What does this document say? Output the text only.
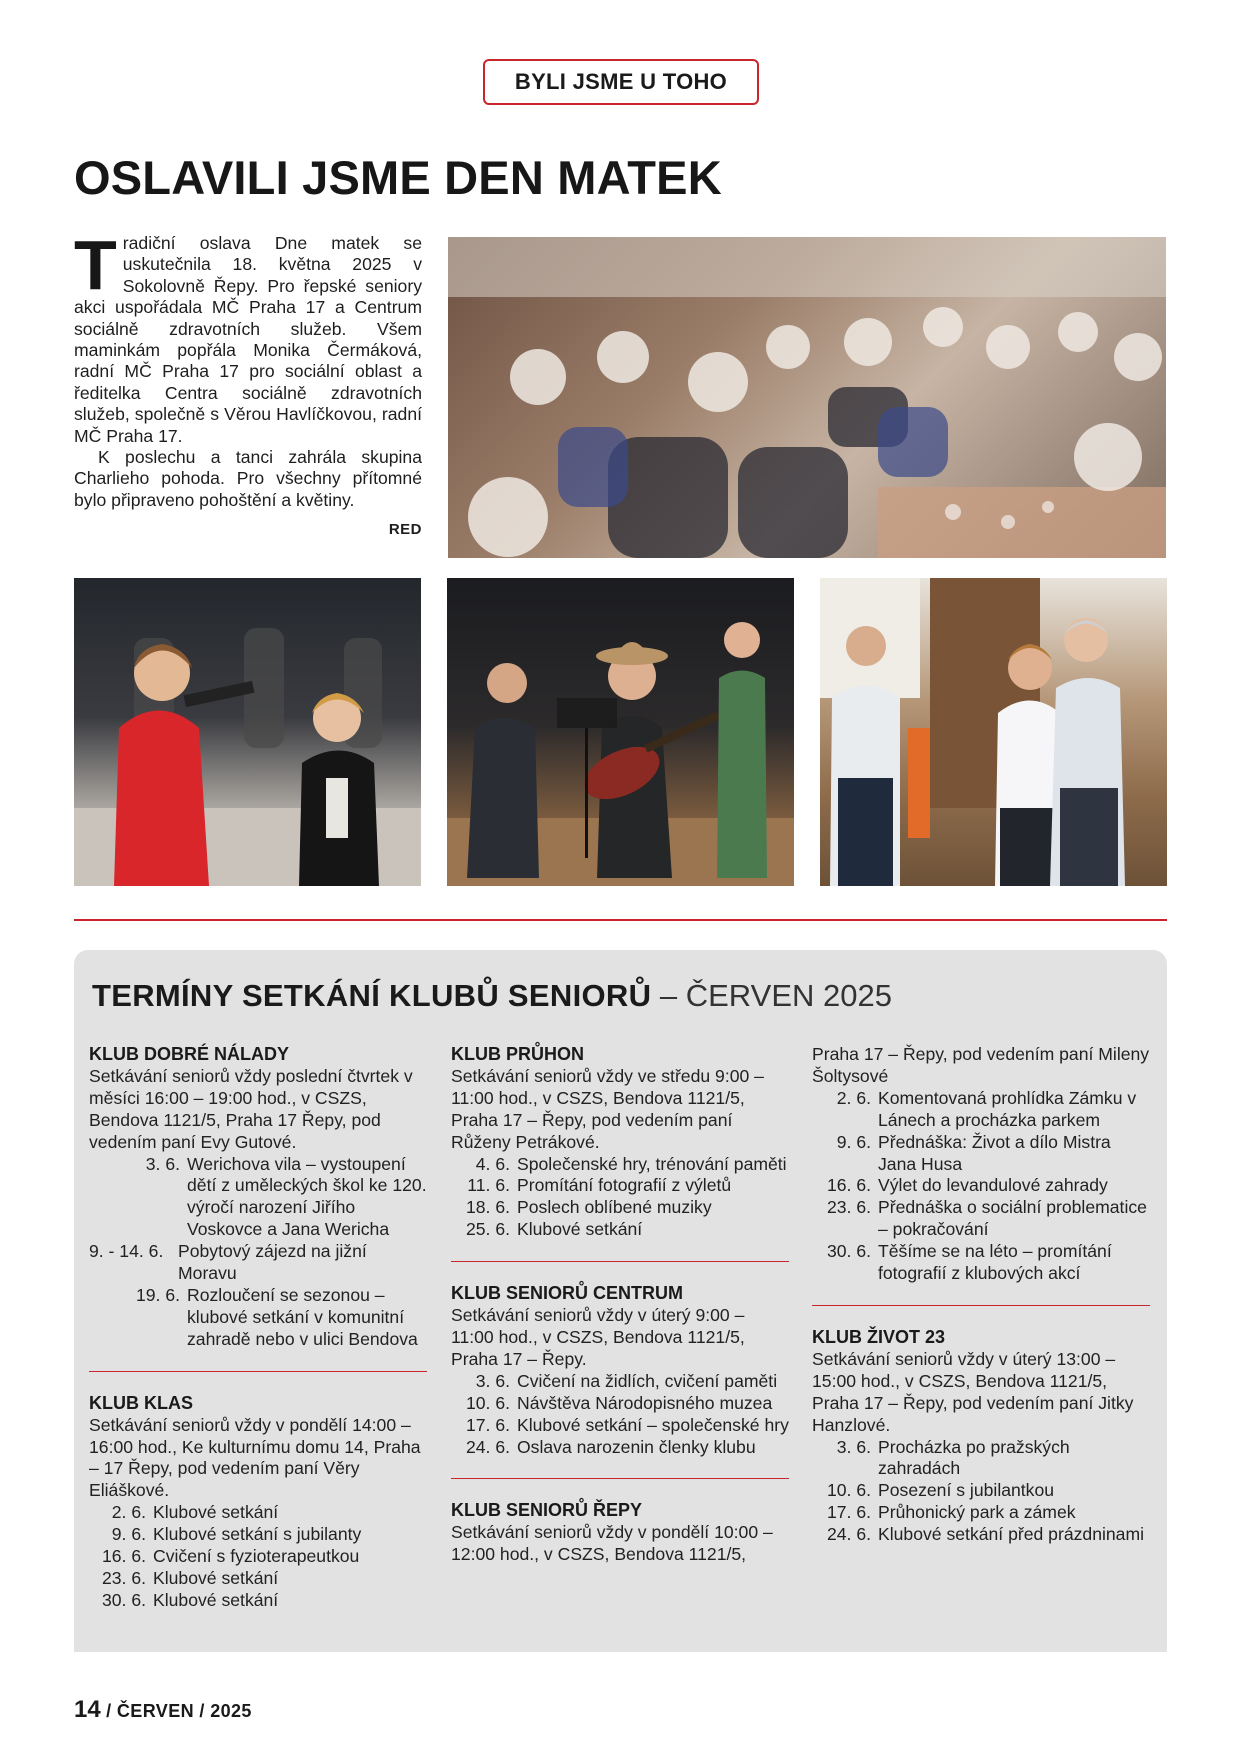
BYLI JSME U TOHO
OSLAVILI JSME DEN MATEK

Tradiční oslava Dne matek se uskutečnila 18. května 2025 v Sokolovně Řepy. Pro řepské seniory akci uspořádala MČ Praha 17 a Centrum sociálně zdravotních služeb. Všem maminkám popřála Monika Čermáková, radní MČ Praha 17 pro sociální oblast a ředitelka Centra sociálně zdravotních služeb, společně s Věrou Havlíčkovou, radní MČ Praha 17.

K poslechu a tanci zahrála skupina Charlieho pohoda. Pro všechny přítomné bylo připraveno pohoštění a květiny.

RED
TERMÍNY SETKÁNÍ KLUBŮ SENIORŮ – ČERVEN 2025
KLUB DOBRÉ NÁLADY
Setkávání seniorů vždy poslední čtvrtek v měsíci 16:00 – 19:00 hod., v CSZS, Bendova 1121/5, Praha 17 Řepy, pod vedením paní Evy Gutové.
3. 6. Werichova vila – vystoupení dětí z uměleckých škol ke 120. výročí narození Jiřího Voskovce a Jana Wericha
9. - 14. 6. Pobytový zájezd na jižní Moravu
19. 6. Rozloučení se sezonou – klubové setkání v komunitní zahradě nebo v ulici Bendova
KLUB KLAS
Setkávání seniorů vždy v pondělí 14:00 – 16:00 hod., Ke kulturnímu domu 14, Praha – 17 Řepy, pod vedením paní Věry Eliáškové.
2. 6. Klubové setkání
9. 6. Klubové setkání s jubilanty
16. 6. Cvičení s fyzioterapeutkou
23. 6. Klubové setkání
30. 6. Klubové setkání
KLUB PRŮHON
Setkávání seniorů vždy ve středu 9:00 – 11:00 hod., v CSZS, Bendova 1121/5, Praha 17 – Řepy, pod vedením paní Růženy Petrákové.
4. 6. Společenské hry, trénování paměti
11. 6. Promítání fotografií z výletů
18. 6. Poslech oblíbené muziky
25. 6. Klubové setkání
KLUB SENIORŮ CENTRUM
Setkávání seniorů vždy v úterý 9:00 – 11:00 hod., v CSZS, Bendova 1121/5, Praha 17 – Řepy.
3. 6. Cvičení na židlích, cvičení paměti
10. 6. Návštěva Národopisného muzea
17. 6. Klubové setkání – společenské hry
24. 6. Oslava narozenin členky klubu
KLUB SENIORŮ ŘEPY
Setkávání seniorů vždy v pondělí 10:00 – 12:00 hod., v CSZS, Bendova 1121/5,
Praha 17 – Řepy, pod vedením paní Mileny Šoltysové
2. 6. Komentovaná prohlídka Zámku v Lánech a procházka parkem
9. 6. Přednáška: Život a dílo Mistra Jana Husa
16. 6. Výlet do levandulové zahrady
23. 6. Přednáška o sociální problematice – pokračování
30. 6. Těšíme se na léto – promítání fotografií z klubových akcí
KLUB ŽIVOT 23
Setkávání seniorů vždy v úterý 13:00 – 15:00 hod., v CSZS, Bendova 1121/5, Praha 17 – Řepy, pod vedením paní Jitky Hanzlové.
3. 6. Procházka po pražských zahradách
10. 6. Posezení s jubilantkou
17. 6. Průhonický park a zámek
24. 6. Klubové setkání před prázdninami
14 / ČERVEN / 2025
